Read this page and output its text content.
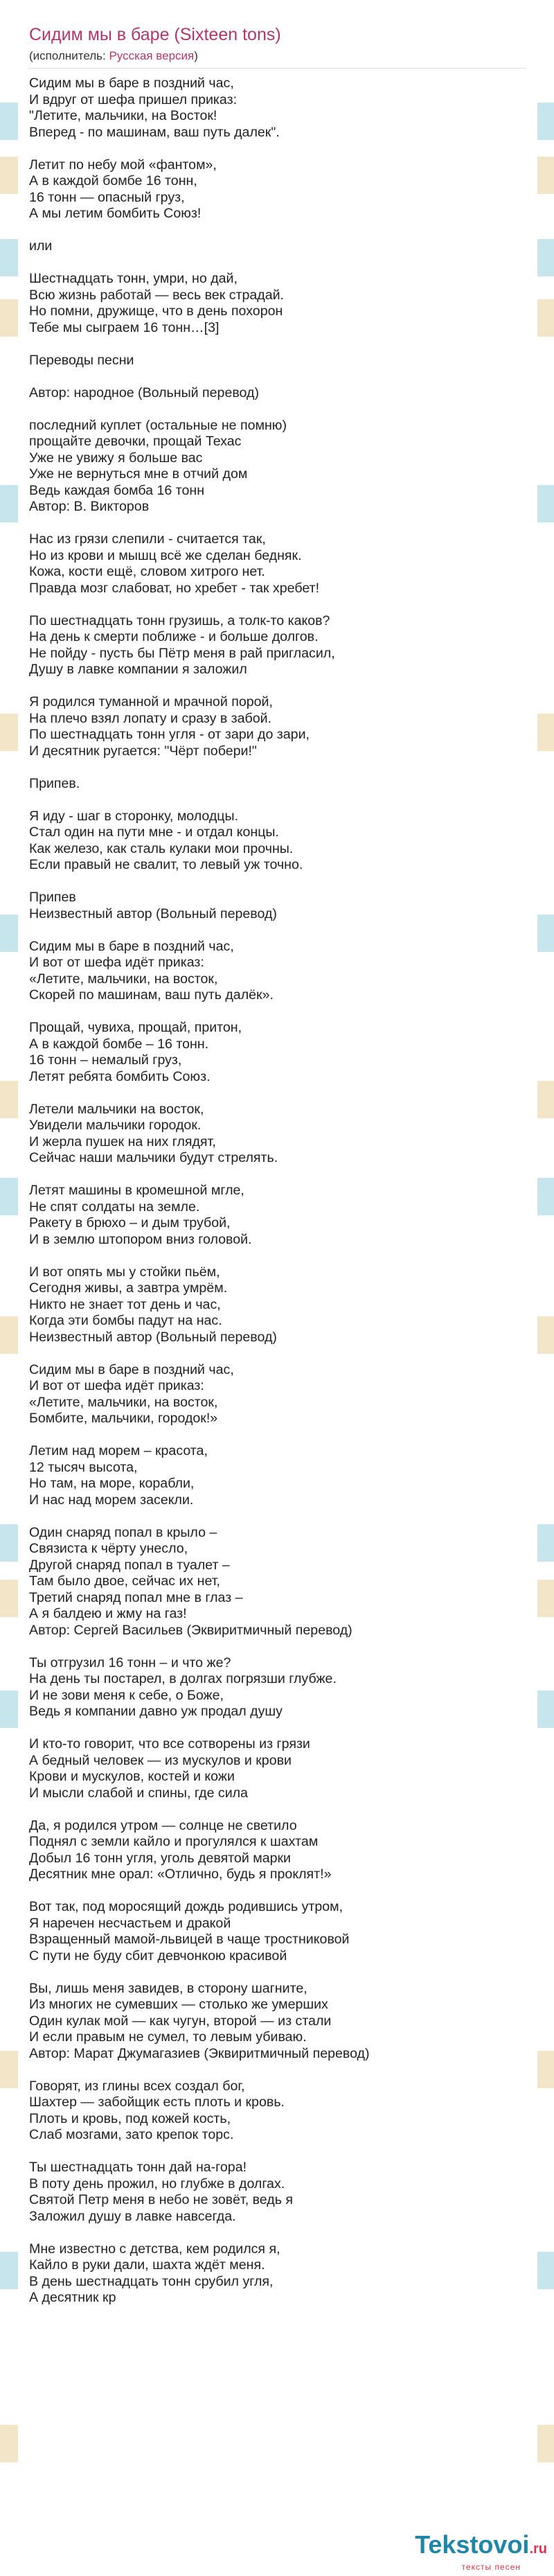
Сидим мы в баре (Sixteen tons)
(исполнитель: Русская версия)
Сидим мы в баре в поздний час,
И вдруг от шефа пришел приказ:
"Летите, мальчики, на Восток!
Вперед - по машинам, ваш путь далек".

Летит по небу мой «фантом»,
А в каждой бомбе 16 тонн,
16 тонн — опасный груз,
А мы летим бомбить Союз!

или

Шестнадцать тонн, умри, но дай,
Всю жизнь работай — весь век страдай.
Но помни, дружище, что в день похорон
Тебе мы сыграем 16 тонн…[3]

Переводы песни

Автор: народное (Вольный перевод)

последний куплет (остальные не помню)
прощайте девочки, прощай Техас
Уже не увижу я больше вас
Уже не вернуться мне в отчий дом
Ведь каждая бомба 16 тонн
Автор: В. Викторов

Нас из грязи слепили - считается так,
Но из крови и мышц всё же сделан бедняк.
Кожа, кости ещё, словом хитрого нет.
Правда мозг слабоват, но хребет - так хребет!

По шестнадцать тонн грузишь, а толк-то каков?
На день к смерти поближе - и больше долгов.
Не пойду - пусть бы Пётр меня в рай пригласил,
Душу в лавке компании я заложил

Я родился туманной и мрачной порой,
На плечо взял лопату и сразу в забой.
По шестнадцать тонн угля - от зари до зари,
И десятник ругается: "Чёрт побери!"

Припев.

Я иду - шаг в сторонку, молодцы.
Стал один на пути мне - и отдал концы.
Как железо, как сталь кулаки мои прочны.
Если правый не свалит, то левый уж точно.

Припев
Неизвестный автор (Вольный перевод)

Сидим мы в баре в поздний час,
И вот от шефа идёт приказ:
«Летите, мальчики, на восток,
Скорей по машинам, ваш путь далёк».

Прощай, чувиха, прощай, притон,
А в каждой бомбе – 16 тонн.
16 тонн – немалый груз,
Летят ребята бомбить Союз.

Летели мальчики на восток,
Увидели мальчики городок.
И жерла пушек на них глядят,
Сейчас наши мальчики будут стрелять.

Летят машины в кромешной мгле,
Не спят солдаты на земле.
Ракету в брюхо – и дым трубой,
И в землю штопором вниз головой.

И вот опять мы у стойки пьём,
Сегодня живы, а завтра умрём.
Никто не знает тот день и час,
Когда эти бомбы падут на нас.
Неизвестный автор (Вольный перевод)

Сидим мы в баре в поздний час,
И вот от шефа идёт приказ:
«Летите, мальчики, на восток,
Бомбите, мальчики, городок!»

Летим над морем – красота,
12 тысяч высота,
Но там, на море, корабли,
И нас над морем засекли.

Один снаряд попал в крыло –
Связиста к чёрту унесло,
Другой снаряд попал в туалет –
Там было двое, сейчас их нет,
Третий снаряд попал мне в глаз –
А я балдею и жму на газ!
Автор: Сергей Васильев (Эквиритмичный перевод)

Ты отгрузил 16 тонн – и что же?
На день ты постарел, в долгах погрязши глубже.
И не зови меня к себе, о Боже,
Ведь я компании давно уж продал душу

И кто-то говорит, что все сотворены из грязи
А бедный человек — из мускулов и крови
Крови и мускулов, костей и кожи
И мысли слабой и спины, где сила

Да, я родился утром — солнце не светило
Поднял с земли кайло и прогулялся к шахтам
Добыл 16 тонн угля, уголь девятой марки
Десятник мне орал: «Отлично, будь я проклят!»

Вот так, под моросящий дождь родившись утром,
Я наречен несчастьем и дракой
Взращенный мамой-львицей в чаще тростниковой
С пути не буду сбит девчонкою красивой

Вы, лишь меня завидев, в сторону шагните,
Из многих не сумевших — столько же умерших
Один кулак мой — как чугун, второй — из стали
И если правым не сумел, то левым убиваю.
Автор: Марат Джумагазиев (Эквиритмичный перевод)

Говорят, из глины всех создал бог,
Шахтер — забойщик есть плоть и кровь.
Плоть и кровь, под кожей кость,
Слаб мозгами, зато крепок торс.

Ты шестнадцать тонн дай на-гора!
В поту день прожил, но глубже в долгах.
Святой Петр меня в небо не зовёт, ведь я
Заложил душу в лавке навсегда.

Мне известно с детства, кем родился я,
Кайло в руки дали, шахта ждёт меня.
В день шестнадцать тонн срубил угля,
А десятник кр
Tekstovoi.ru
тексты песен
